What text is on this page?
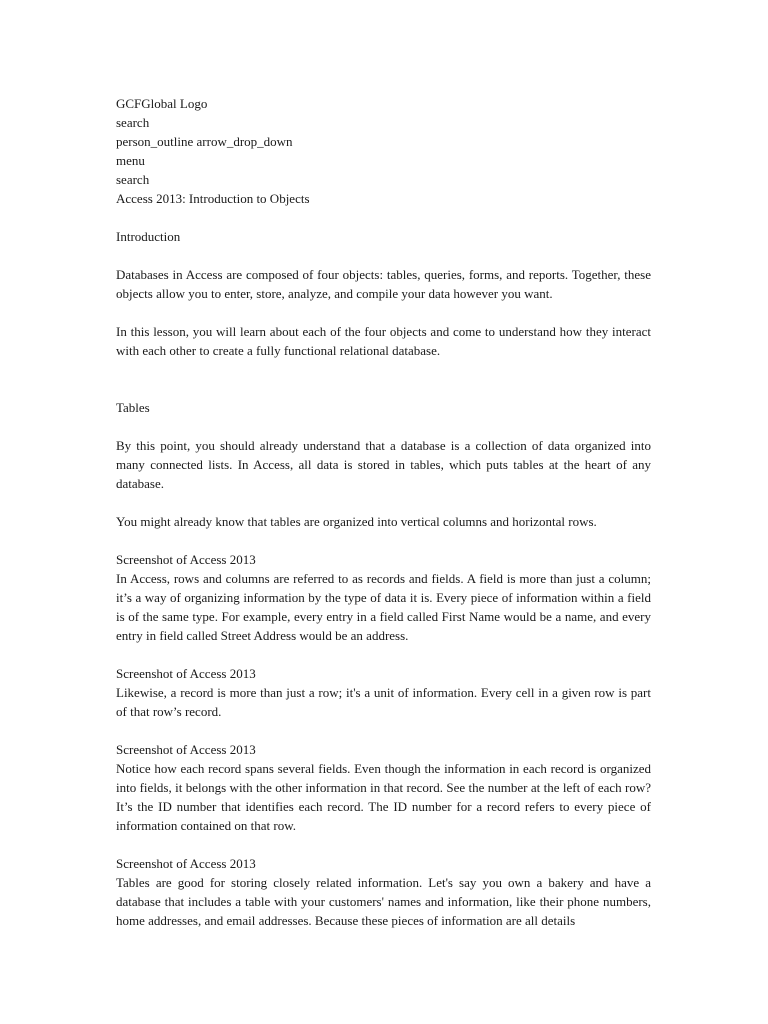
GCFGlobal Logo
search
person_outline arrow_drop_down
menu
search
Access 2013: Introduction to Objects
Introduction
Databases in Access are composed of four objects: tables, queries, forms, and reports. Together, these objects allow you to enter, store, analyze, and compile your data however you want.
In this lesson, you will learn about each of the four objects and come to understand how they interact with each other to create a fully functional relational database.
Tables
By this point, you should already understand that a database is a collection of data organized into many connected lists. In Access, all data is stored in tables, which puts tables at the heart of any database.
You might already know that tables are organized into vertical columns and horizontal rows.
Screenshot of Access 2013
In Access, rows and columns are referred to as records and fields. A field is more than just a column; it’s a way of organizing information by the type of data it is. Every piece of information within a field is of the same type. For example, every entry in a field called First Name would be a name, and every entry in field called Street Address would be an address.
Screenshot of Access 2013
Likewise, a record is more than just a row; it's a unit of information. Every cell in a given row is part of that row’s record.
Screenshot of Access 2013
Notice how each record spans several fields. Even though the information in each record is organized into fields, it belongs with the other information in that record. See the number at the left of each row? It’s the ID number that identifies each record. The ID number for a record refers to every piece of information contained on that row.
Screenshot of Access 2013
Tables are good for storing closely related information. Let's say you own a bakery and have a database that includes a table with your customers' names and information, like their phone numbers, home addresses, and email addresses. Because these pieces of information are all details
